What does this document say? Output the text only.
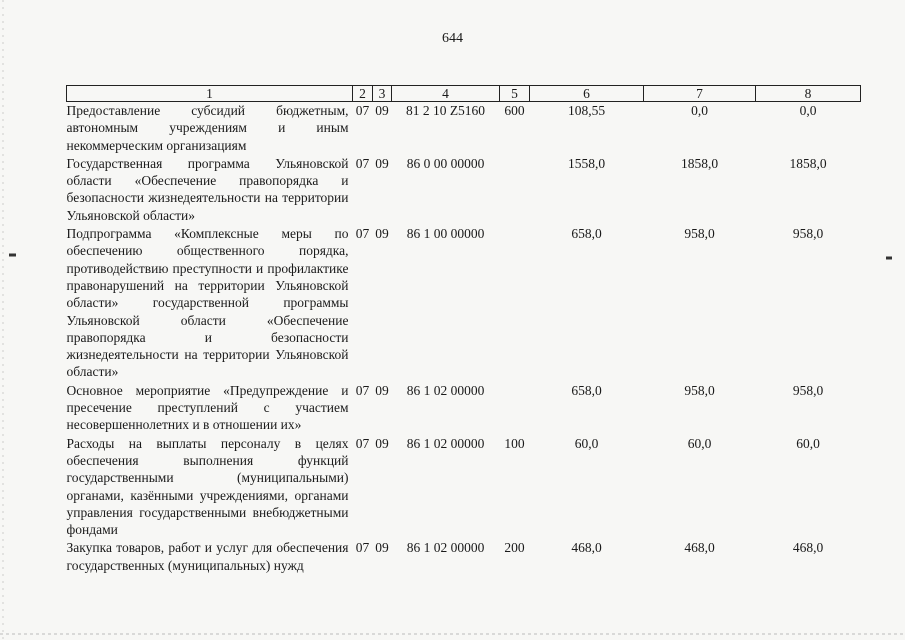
644
1	2	3	4	5	6	7	8
Предоставление субсидий бюджетным, автономным учреждениям и иным некоммерческим организациям	07	09	81 2 10 Z5160	600	108,55	0,0	0,0
Государственная программа Ульяновской области «Обеспечение правопорядка и безопасности жизнедеятельности на территории Ульяновской области»	07	09	86 0 00 00000		1558,0	1858,0	1858,0
Подпрограмма «Комплексные меры по обеспечению общественного порядка, противодействию преступности и профилактике правонарушений на территории Ульяновской области» государственной программы Ульяновской области «Обеспечение правопорядка и безопасности жизнедеятельности на территории Ульяновской области»	07	09	86 1 00 00000		658,0	958,0	958,0
Основное мероприятие «Предупреждение и пресечение преступлений с участием несовершеннолетних и в отношении их»	07	09	86 1 02 00000		658,0	958,0	958,0
Расходы на выплаты персоналу в целях обеспечения выполнения функций государственными (муниципальными) органами, казёнными учреждениями, органами управления государственными внебюджетными фондами	07	09	86 1 02 00000	100	60,0	60,0	60,0
Закупка товаров, работ и услуг для обеспечения государственных (муниципальных) нужд	07	09	86 1 02 00000	200	468,0	468,0	468,0
